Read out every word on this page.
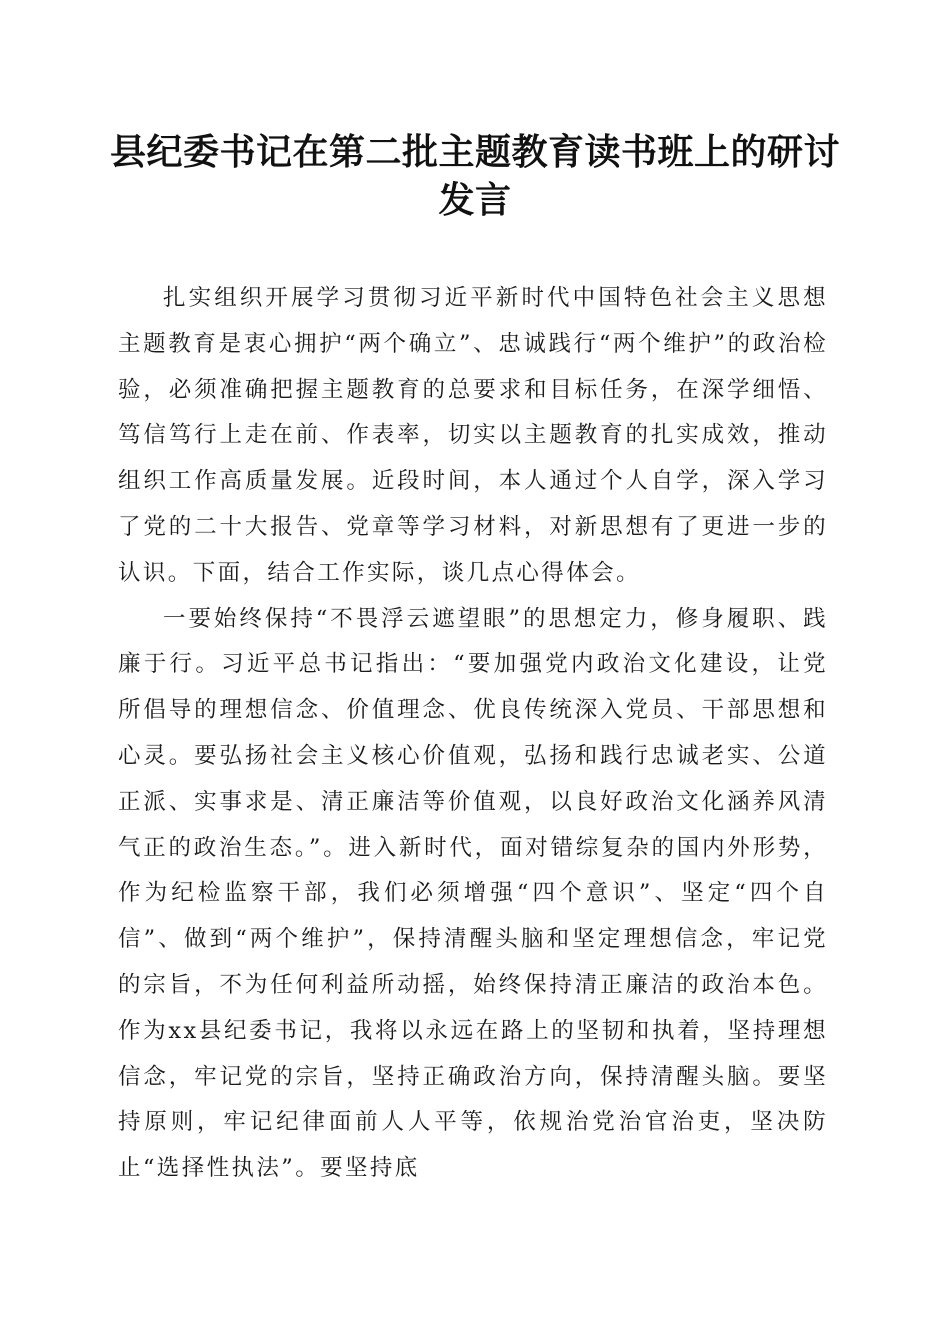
县纪委书记在第二批主题教育读书班上的研讨发言

扎实组织开展学习贯彻习近平新时代中国特色社会主义思想主题教育是衷心拥护“两个确立”、忠诚践行“两个维护”的政治检验，必须准确把握主题教育的总要求和目标任务，在深学细悟、笃信笃行上走在前、作表率，切实以主题教育的扎实成效，推动组织工作高质量发展。近段时间，本人通过个人自学，深入学习了党的二十大报告、党章等学习材料，对新思想有了更进一步的认识。下面，结合工作实际，谈几点心得体会。

一要始终保持“不畏浮云遮望眼”的思想定力，修身履职、践廉于行。习近平总书记指出：“要加强党内政治文化建设，让党所倡导的理想信念、价值理念、优良传统深入党员、干部思想和心灵。要弘扬社会主义核心价值观，弘扬和践行忠诚老实、公道正派、实事求是、清正廉洁等价值观，以良好政治文化涵养风清气正的政治生态。”。进入新时代，面对错综复杂的国内外形势，作为纪检监察干部，我们必须增强“四个意识”、坚定“四个自信”、做到“两个维护”，保持清醒头脑和坚定理想信念，牢记党的宗旨，不为任何利益所动摇，始终保持清正廉洁的政治本色。作为xx县纪委书记，我将以永远在路上的坚韧和执着，坚持理想信念，牢记党的宗旨，坚持正确政治方向，保持清醒头脑。要坚持原则，牢记纪律面前人人平等，依规治党治官治吏，坚决防止“选择性执法”。要坚持底
